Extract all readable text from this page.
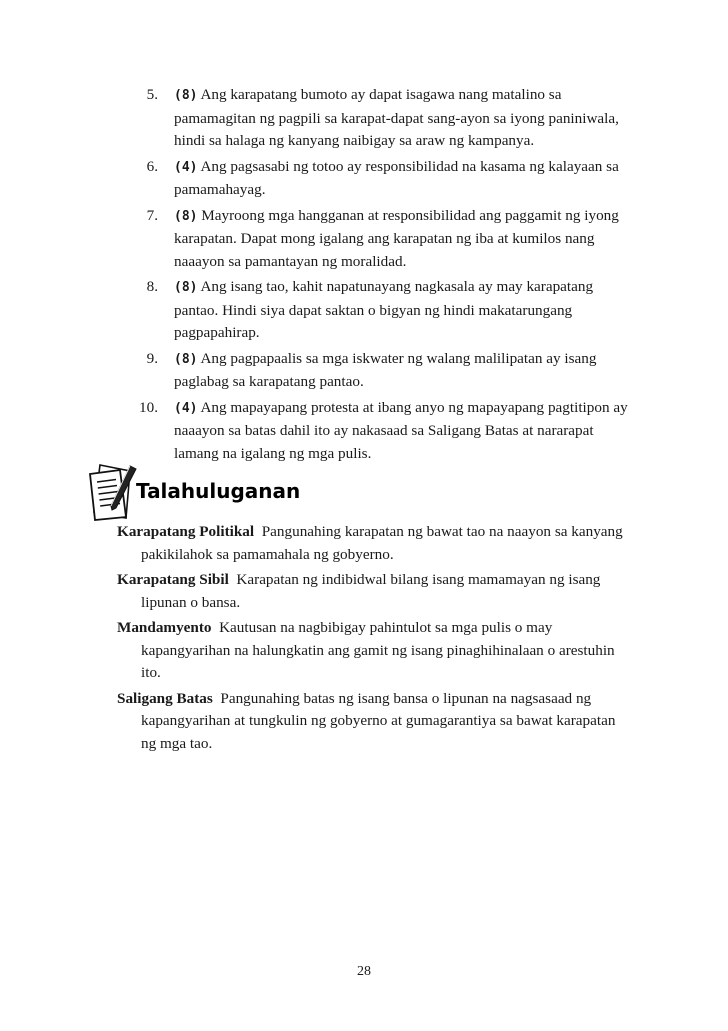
5. (8) Ang karapatang bumoto ay dapat isagawa nang matalino sa pamamagitan ng pagpili sa karapat-dapat sang-ayon sa iyong paniniwala, hindi sa halaga ng kanyang naibigay sa araw ng kampanya.
6. (4) Ang pagsasabi ng totoo ay responsibilidad na kasama ng kalayaan sa pamamahayag.
7. (8) Mayroong mga hangganan at responsibilidad ang paggamit ng iyong karapatan. Dapat mong igalang ang karapatan ng iba at kumilos nang naaayon sa pamantayan ng moralidad.
8. (8) Ang isang tao, kahit napatunayang nagkasala ay may karapatang pantao. Hindi siya dapat saktan o bigyan ng hindi makatarungang pagpapahirap.
9. (8) Ang pagpapaalis sa mga iskwater ng walang malilipatan ay isang paglabag sa karapatang pantao.
10. (4) Ang mapayapang protesta at ibang anyo ng mapayapang pagtitipon ay naaayon sa batas dahil ito ay nakasaad sa Saligang Batas at nararapat lamang na igalang ng mga pulis.
Talahuluganan
Karapatang Politikal Pangunahing karapatan ng bawat tao na naayon sa kanyang pakikilahok sa pamamahala ng gobyerno.
Karapatang Sibil Karapatan ng indibidwal bilang isang mamamayan ng isang lipunan o bansa.
Mandamyento Kautusan na nagbibigay pahintulot sa mga pulis o may kapangyarihan na halungkatin ang gamit ng isang pinaghihinalaan o arestuhin ito.
Saligang Batas Pangunahing batas ng isang bansa o lipunan na nagsasaad ng kapangyarihan at tungkulin ng gobyerno at gumagarantiya sa bawat karapatan ng mga tao.
28
